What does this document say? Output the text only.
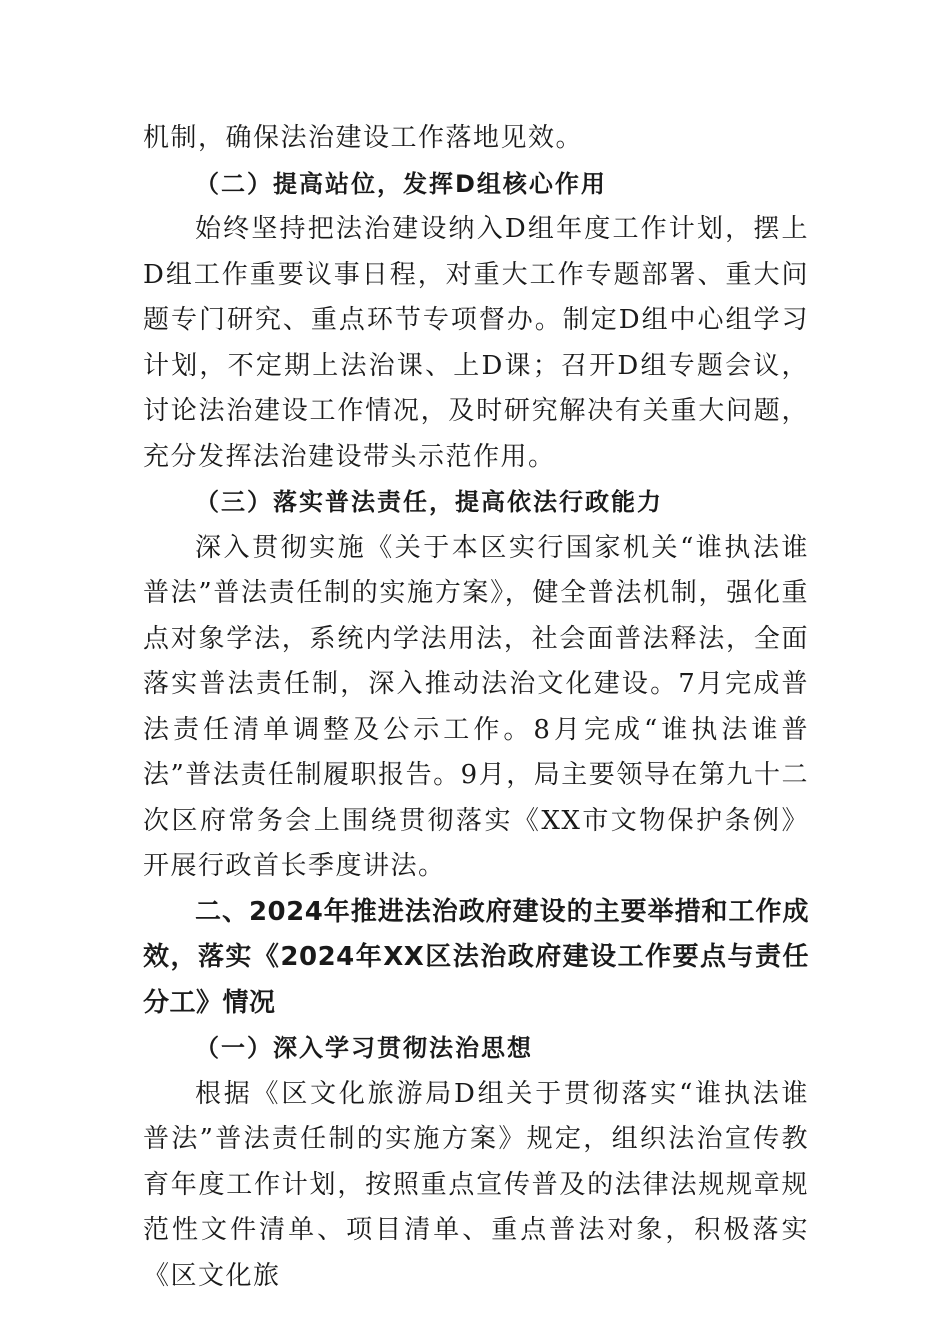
机制，确保法治建设工作落地见效。

（二）提高站位，发挥D组核心作用

始终坚持把法治建设纳入D组年度工作计划，摆上D组工作重要议事日程，对重大工作专题部署、重大问题专门研究、重点环节专项督办。制定D组中心组学习计划，不定期上法治课、上D课；召开D组专题会议，讨论法治建设工作情况，及时研究解决有关重大问题，充分发挥法治建设带头示范作用。

（三）落实普法责任，提高依法行政能力

深入贯彻实施《关于本区实行国家机关“谁执法谁普法”普法责任制的实施方案》，健全普法机制，强化重点对象学法，系统内学法用法，社会面普法释法，全面落实普法责任制，深入推动法治文化建设。7月完成普法责任清单调整及公示工作。8月完成“谁执法谁普法”普法责任制履职报告。9月，局主要领导在第九十二次区府常务会上围绕贯彻落实《XX市文物保护条例》开展行政首长季度讲法。

二、2024年推进法治政府建设的主要举措和工作成效，落实《2024年XX区法治政府建设工作要点与责任分工》情况

（一）深入学习贯彻法治思想

根据《区文化旅游局D组关于贯彻落实“谁执法谁普法”普法责任制的实施方案》规定，组织法治宣传教育年度工作计划，按照重点宣传普及的法律法规规章规范性文件清单、项目清单、重点普法对象，积极落实《区文化旅
